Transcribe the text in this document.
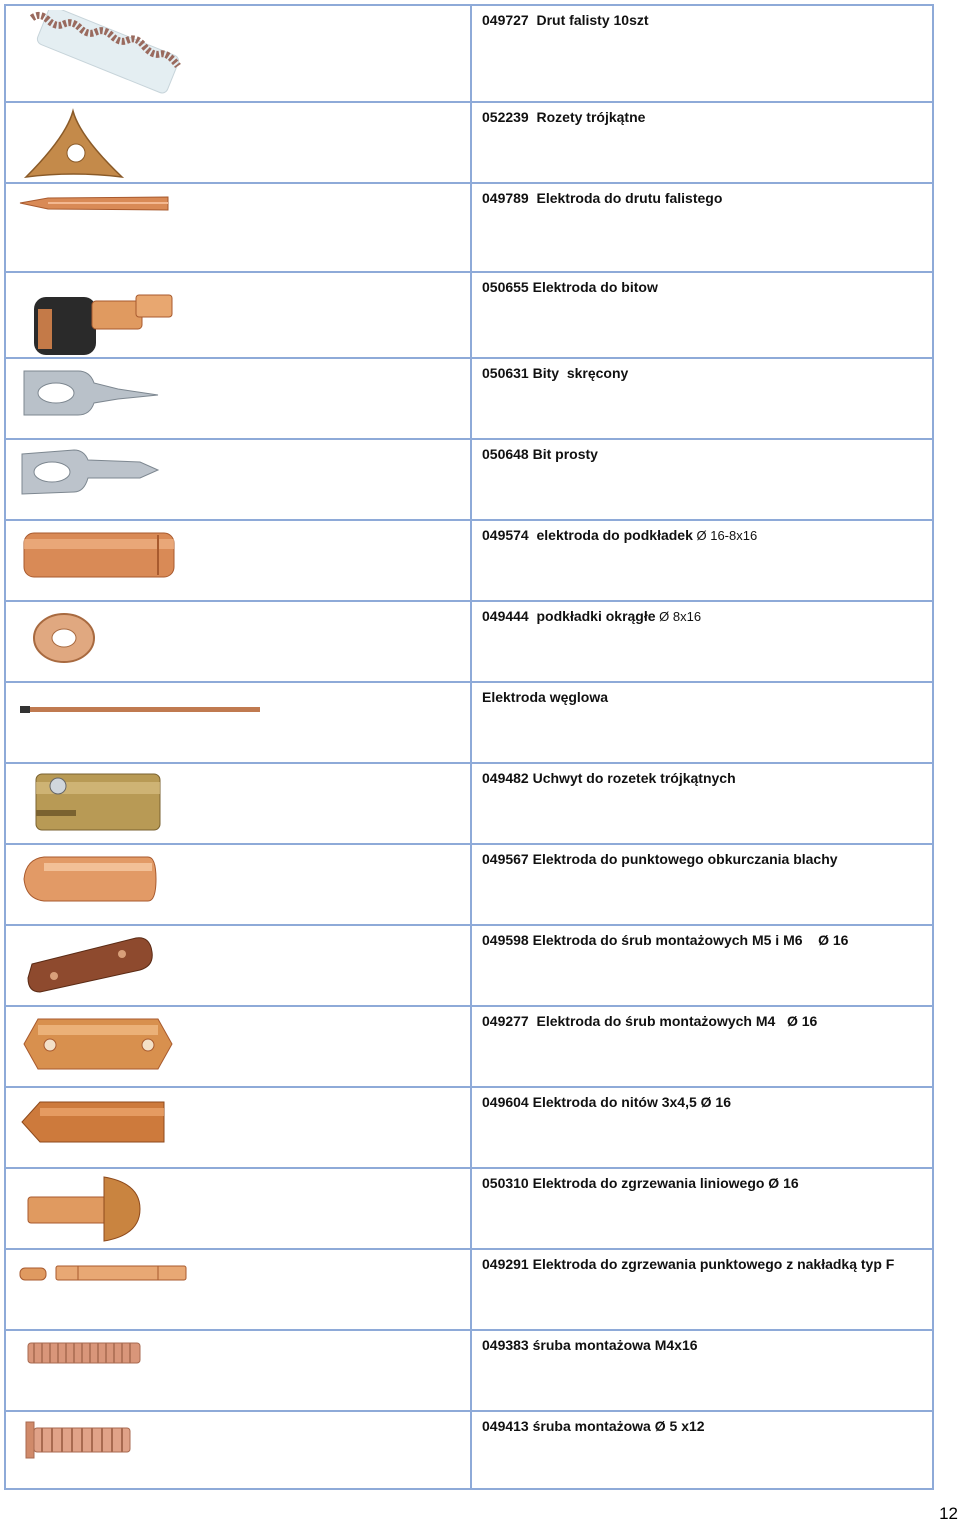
049727  Drut falisty 10szt
052239  Rozety trójkątne
049789  Elektroda do drutu falistego
050655 Elektroda do bitow
050631 Bity  skręcony
050648 Bit prosty
049574  elektroda do podkładek Ø 16-8x16
049444  podkładki okrągłe Ø 8x16
Elektroda węglowa
049482 Uchwyt do rozetek trójkątnych
049567 Elektroda do punktowego obkurczania blachy
049598 Elektroda do śrub montażowych M5 i M6    Ø 16
049277  Elektroda do śrub montażowych M4   Ø 16
049604 Elektroda do nitów 3x4,5 Ø 16
050310 Elektroda do zgrzewania liniowego Ø 16
049291 Elektroda do zgrzewania punktowego z nakładką typ F
049383 śruba montażowa M4x16
049413 śruba montażowa Ø 5 x12
12
